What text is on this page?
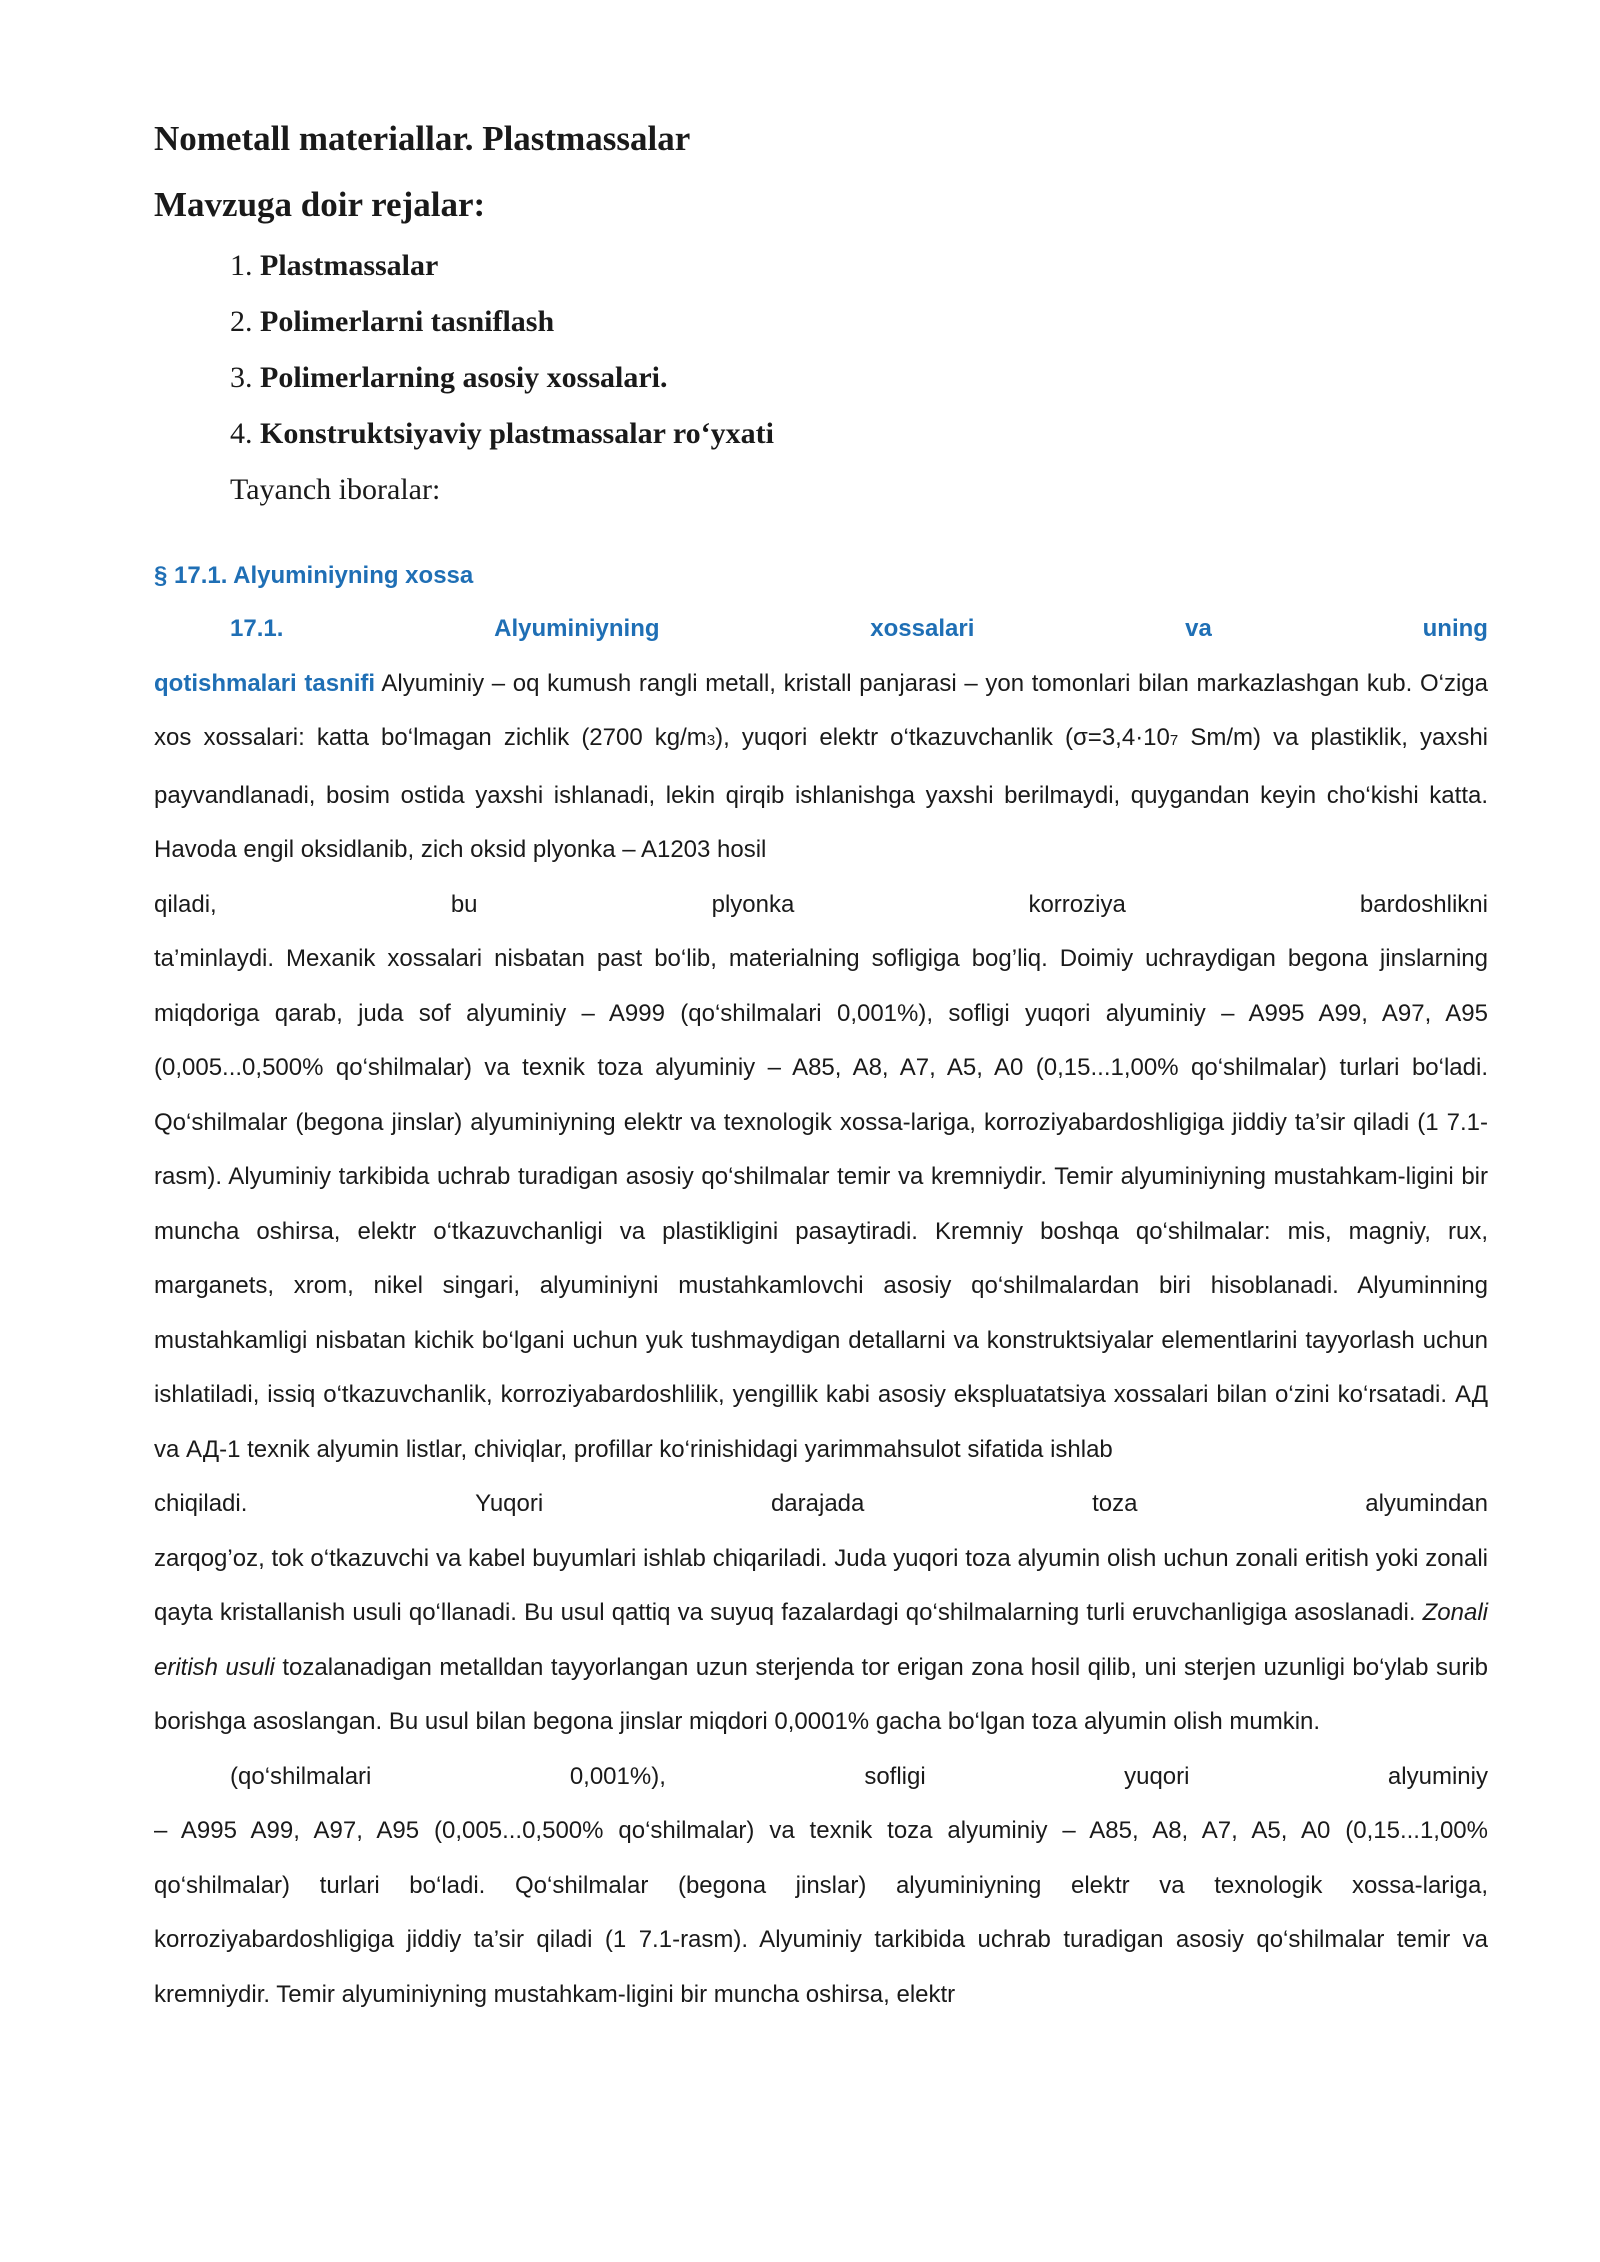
Nometall materiallar. Plastmassalar
Mavzuga doir rejalar:
1. Plastmassalar
2. Polimerlarni tasniflash
3. Polimerlarning asosiy xossalari.
4. Konstruktsiyaviy plastmassalar ro‘yxati
Tayanch iboralar:
§ 17.1. Alyuminiyning xossa
17.1.	Alyuminiyning	xossalari	va	uning

qotishmalari tasnifi Alyuminiy – oq kumush rangli metall, kristall panjarasi – yon tomonlari bilan markazlashgan kub. O‘ziga xos xossalari: katta bo‘lmagan zichlik (2700 kg/m3), yuqori elektr o‘tkazuvchanlik (σ=3,4·107 Sm/m) va plastiklik, yaxshi payvandlanadi, bosim ostida yaxshi ishlanadi, lekin qirqib ishlanishga yaxshi berilmaydi, quygandan keyin cho‘kishi katta. Havoda engil oksidlanib, zich oksid plyonka – A1203 hosil

qiladi,	bu	plyonka	korroziya	bardoshlikni

ta’minlaydi. Mexanik xossalari nisbatan past bo‘lib, materialning sofligiga bog’liq. Doimiy uchraydigan begona jinslarning miqdoriga qarab, juda sof alyuminiy – A999 (qo‘shilmalari 0,001%), sofligi yuqori alyuminiy – A995 A99, A97, A95 (0,005...0,500% qo‘shilmalar) va texnik toza alyuminiy – A85, A8, A7, A5, A0 (0,15...1,00% qo‘shilmalar) turlari bo‘ladi. Qo‘shilmalar (begona jinslar) alyuminiyning elektr va texnologik xossa-lariga, korroziyabardoshligiga jiddiy ta’sir qiladi (1 7.1-rasm). Alyuminiy tarkibida uchrab turadigan asosiy qo‘shilmalar temir va kremniydir. Temir alyuminiyning mustahkam-ligini bir muncha oshirsa, elektr o‘tkazuvchanligi va plastikligini pasaytiradi. Kremniy boshqa qo‘shilmalar: mis, magniy, rux, marganets, xrom, nikel singari, alyuminiyni mustahkamlovchi asosiy qo‘shilmalardan biri hisoblanadi. Alyuminning mustahkamligi nisbatan kichik bo‘lgani uchun yuk tushmaydigan detallarni va konstruktsiyalar elementlarini tayyorlash uchun ishlatiladi, issiq o‘tkazuvchanlik, korroziyabardoshlilik, yengillik kabi asosiy ekspluatatsiya xossalari bilan o‘zini ko‘rsatadi. АД va АД-1 texnik alyumin listlar, chiviqlar, profillar ko‘rinishidagi yarimmahsulot sifatida ishlab

chiqiladi.	Yuqori	darajada	toza	alyumindan

zarqog’oz, tok o‘tkazuvchi va kabel buyumlari ishlab chiqariladi. Juda yuqori toza alyumin olish uchun zonali eritish yoki zonali qayta kristallanish usuli qo‘llanadi. Bu usul qattiq va suyuq fazalardagi qo‘shilmalarning turli eruvchanligiga asoslanadi. Zonali eritish usuli tozalanadigan metalldan tayyorlangan uzun sterjenda tor erigan zona hosil qilib, uni sterjen uzunligi bo‘ylab surib borishga asoslangan. Bu usul bilan begona jinslar miqdori 0,0001% gacha bo‘lgan toza alyumin olish mumkin.

(qo‘shilmalari	0,001%),	sofligi	yuqori	alyuminiy

– A995 A99, A97, A95 (0,005...0,500% qo‘shilmalar) va texnik toza alyuminiy – A85, A8, A7, A5, A0 (0,15...1,00% qo‘shilmalar) turlari bo‘ladi. Qo‘shilmalar (begona jinslar) alyuminiyning elektr va texnologik xossa-lariga, korroziyabardoshligiga jiddiy ta’sir qiladi (1 7.1-rasm). Alyuminiy tarkibida uchrab turadigan asosiy qo‘shilmalar temir va kremniydir. Temir alyuminiyning mustahkam-ligini bir muncha oshirsa, elektr
